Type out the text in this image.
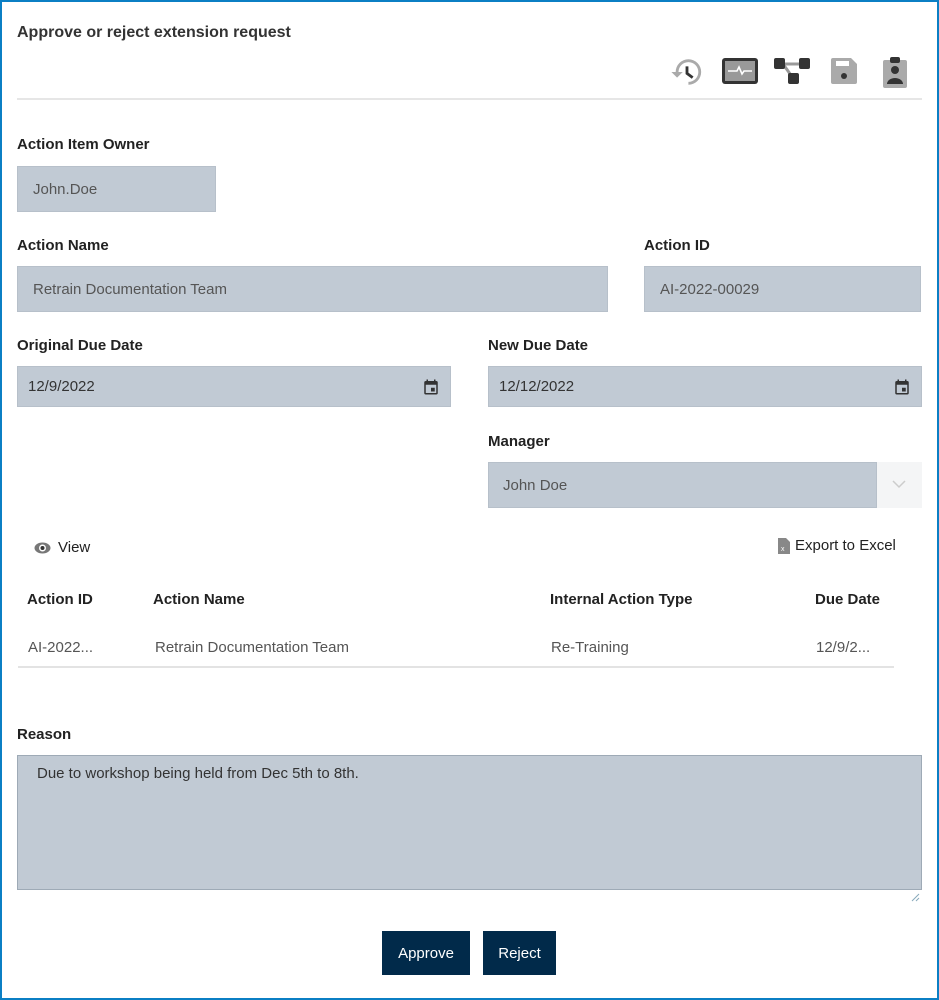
Approve or reject extension request
Action Item Owner
John.Doe
Action Name
Retrain Documentation Team
Action ID
AI-2022-00029
Original Due Date
12/9/2022
New Due Date
12/12/2022
Manager
John Doe
View	x Export to Excel
Action ID	Action Name	Internal Action Type	Due Date
AI-2022...	Retrain Documentation Team	Re-Training	12/9/2...
Reason
Due to workshop being held from Dec 5th to 8th.
Approve	Reject
